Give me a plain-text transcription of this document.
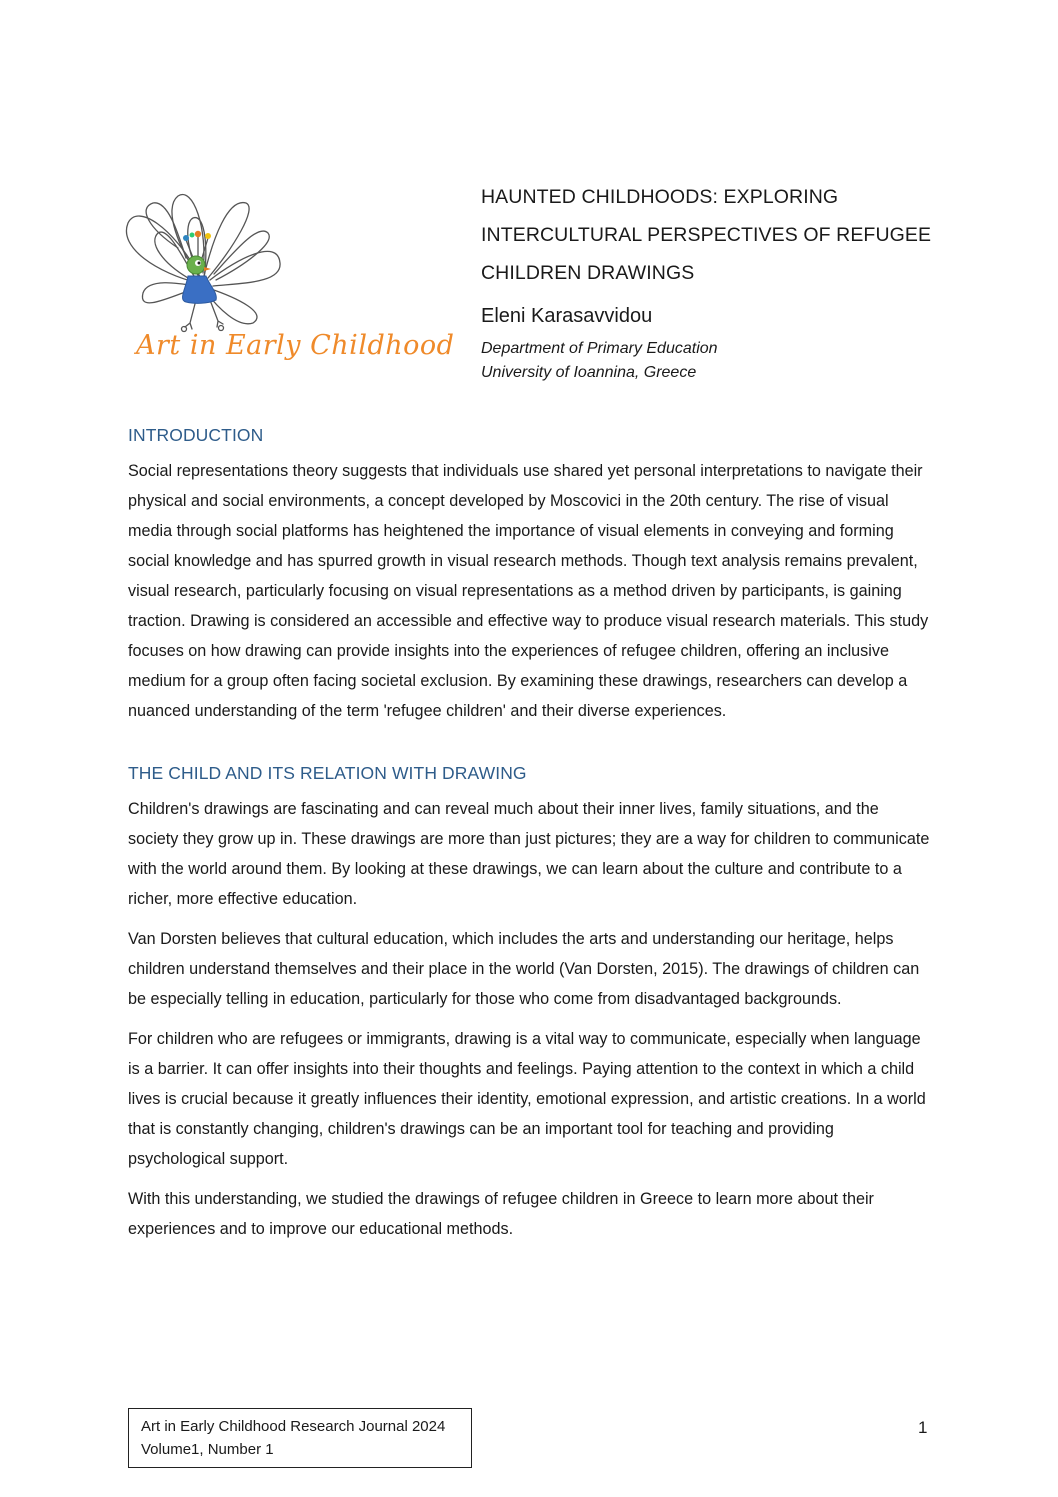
Art in Early Childhood
HAUNTED CHILDHOODS: EXPLORING
INTERCULTURAL PERSPECTIVES OF REFUGEE
CHILDREN DRAWINGS
Eleni Karasavvidou
Department of Primary Education
University of Ioannina, Greece
INTRODUCTION

Social representations theory suggests that individuals use shared yet personal interpretations to navigate their physical and social environments, a concept developed by Moscovici in the 20th century. The rise of visual media through social platforms has heightened the importance of visual elements in conveying and forming social knowledge and has spurred growth in visual research methods. Though text analysis remains prevalent, visual research, particularly focusing on visual representations as a method driven by participants, is gaining traction. Drawing is considered an accessible and effective way to produce visual research materials. This study focuses on how drawing can provide insights into the experiences of refugee children, offering an inclusive medium for a group often facing societal exclusion. By examining these drawings, researchers can develop a nuanced understanding of the term 'refugee children' and their diverse experiences.

THE CHILD AND ITS RELATION WITH DRAWING

Children's drawings are fascinating and can reveal much about their inner lives, family situations, and the society they grow up in. These drawings are more than just pictures; they are a way for children to communicate with the world around them. By looking at these drawings, we can learn about the culture and contribute to a richer, more effective education.

Van Dorsten believes that cultural education, which includes the arts and understanding our heritage, helps children understand themselves and their place in the world (Van Dorsten, 2015). The drawings of children can be especially telling in education, particularly for those who come from disadvantaged backgrounds.

For children who are refugees or immigrants, drawing is a vital way to communicate, especially when language is a barrier. It can offer insights into their thoughts and feelings. Paying attention to the context in which a child lives is crucial because it greatly influences their identity, emotional expression, and artistic creations. In a world that is constantly changing, children's drawings can be an important tool for teaching and providing psychological support.

With this understanding, we studied the drawings of refugee children in Greece to learn more about their experiences and to improve our educational methods.

Art in Early Childhood Research Journal 2024
Volume1, Number 1
1
